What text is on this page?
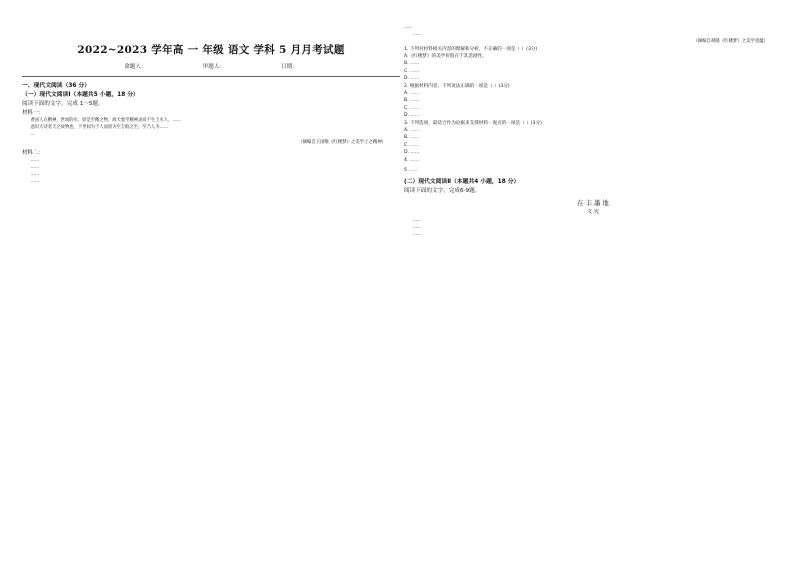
2022~2023 学年高 一 年级 语文 学科 5 月月考试题
命题人：	审题人：	日期：
一、现代文阅读（36 分）
（一）现代文阅读Ⅰ（本题共5 小题，18 分）
阅读下面的文字，完成 1～5题。
材料一：

香国人在精神，世间的水，原是至精之物，故天象至精神灵而不生土水人，……

意识大诗者天之故物也，于世间为于人而原为至万般之至，至乃人为……

…

（摘编自王国维《红楼梦》之美学上之精神）

材料二：

……

……

……

……

……

……

（摘编自胡晓《红楼梦》之美学意蕴）

1. 下列对材料相关内容的理解和分析，不正确的一项是（ ）(3分)

A.《红楼梦》的美学价值在于其悲剧性。

B. ……

C. ……

D. ……

2. 根据材料内容，下列说法正确的一项是（ ）(3分)

A. ……

B. ……

C. ……

D. ……

3. 下列选项，最适合作为论据来支撑材料一观点的一项是（ ）(3分)

A. ……

B. ……

C. ……

D. ……

4. ……

5 ……

(二）现代文阅读Ⅱ（本题共4 小题，18 分）
阅读下面的文字，完成6-9题。
在 丰 墨 地
文 宪

……

……

……
